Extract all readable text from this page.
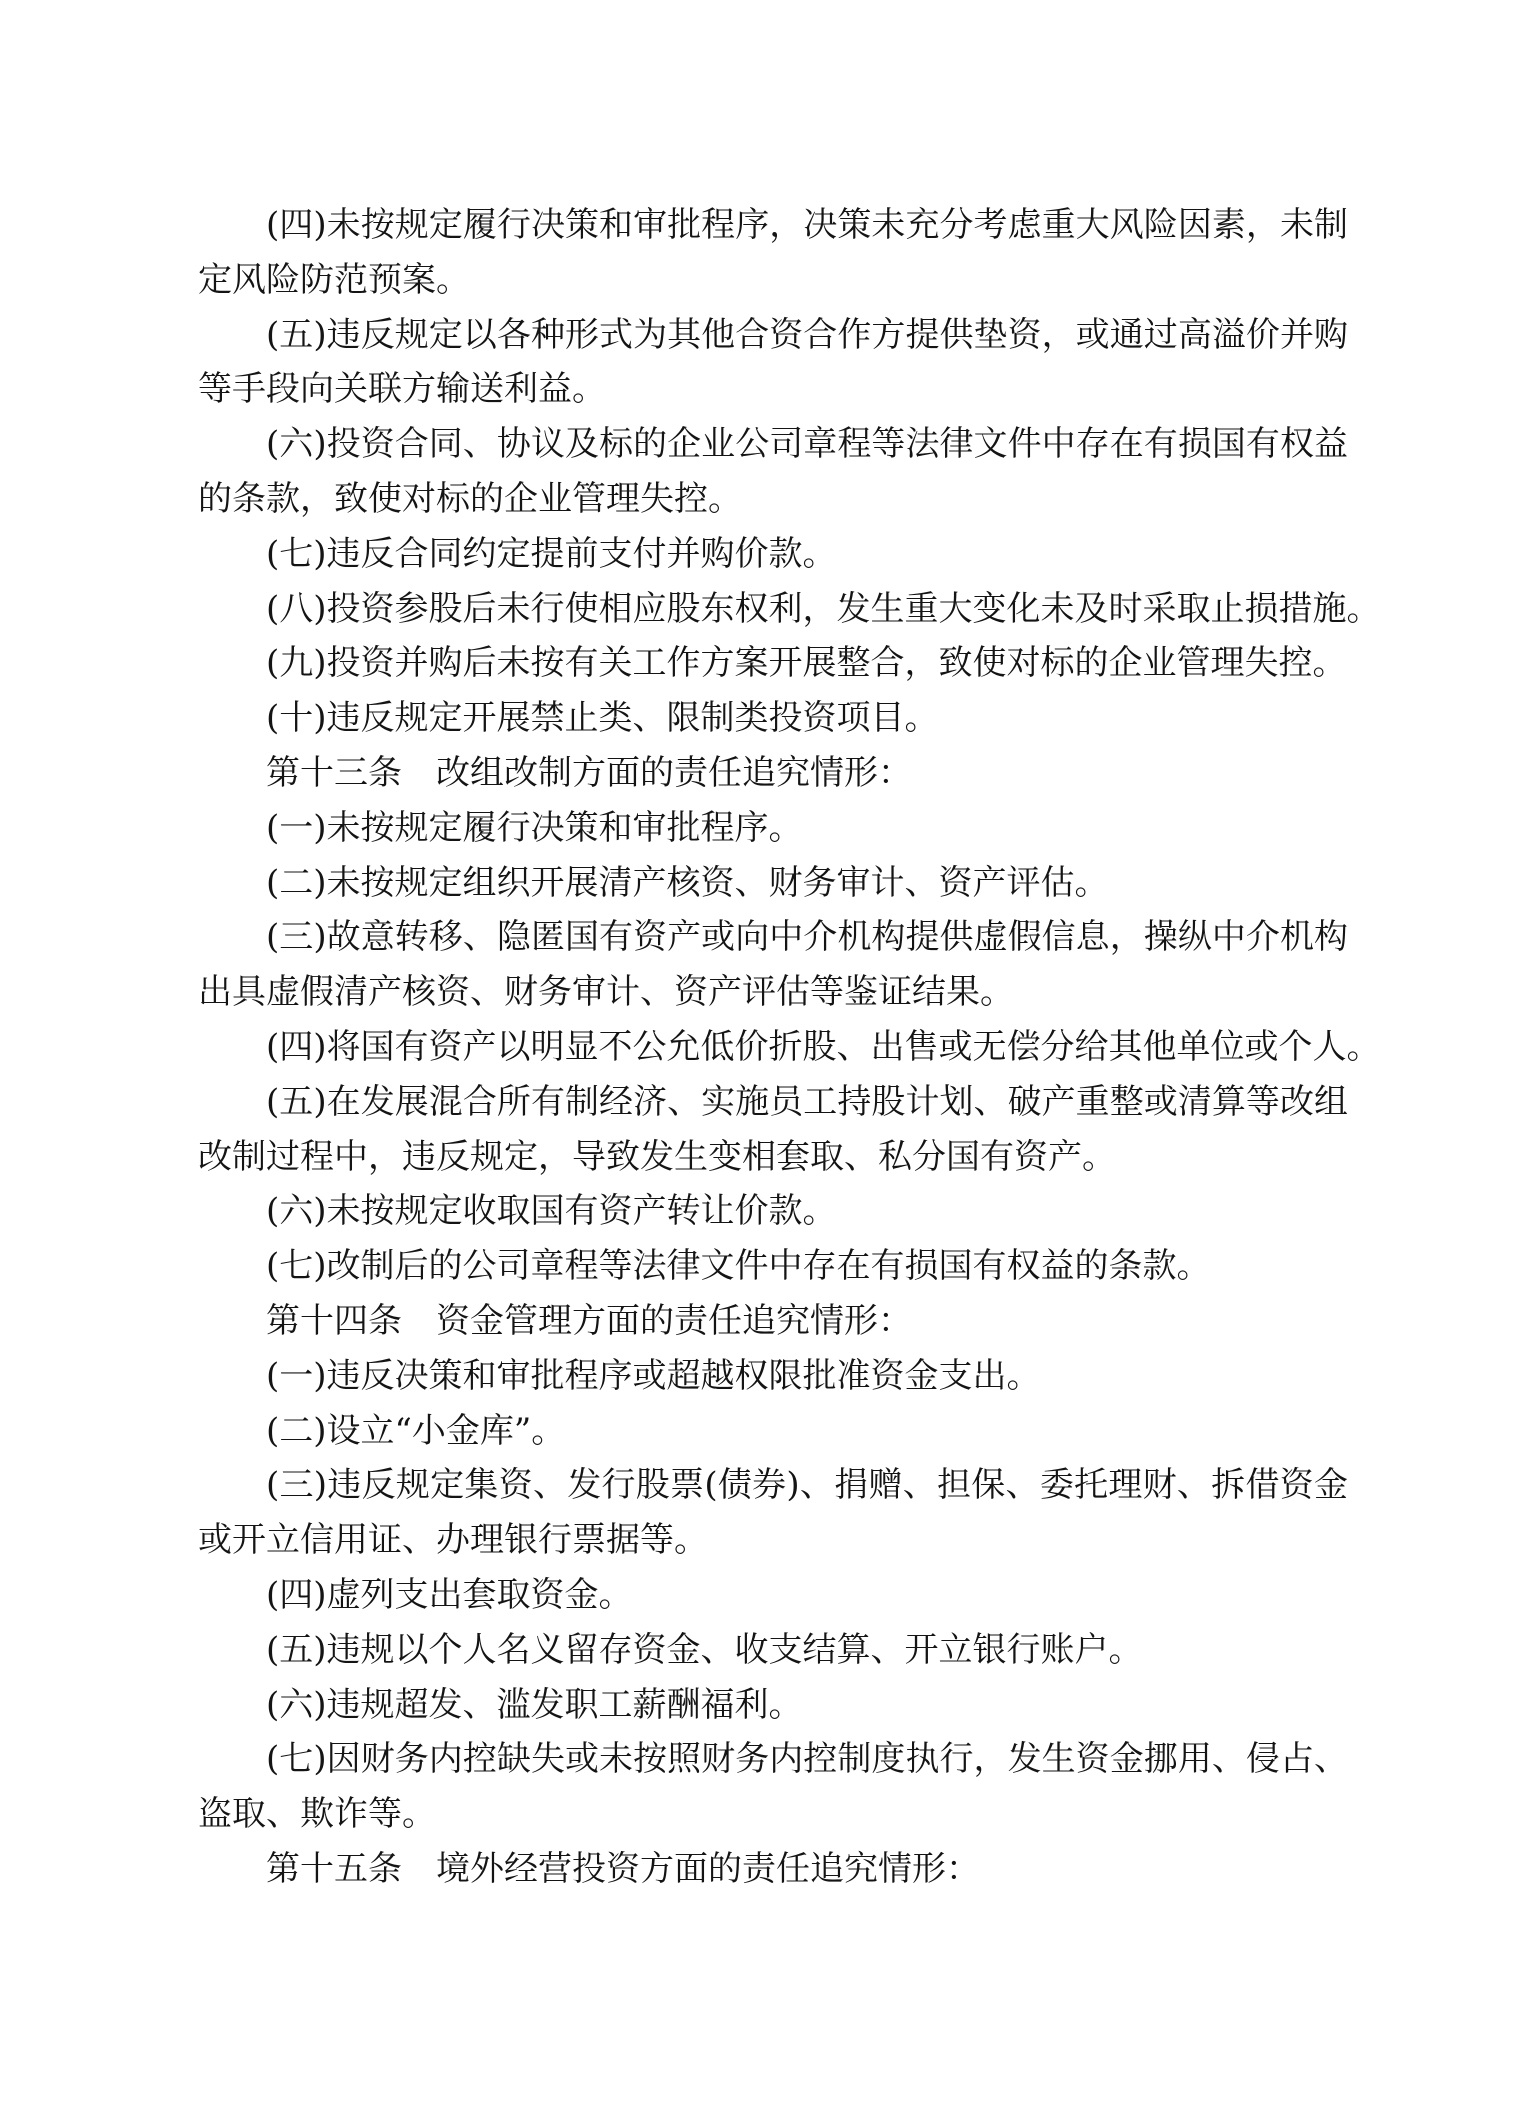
(四)未按规定履行决策和审批程序，决策未充分考虑重大风险因素，未制定风险防范预案。

(五)违反规定以各种形式为其他合资合作方提供垫资，或通过高溢价并购等手段向关联方输送利益。

(六)投资合同、协议及标的企业公司章程等法律文件中存在有损国有权益的条款，致使对标的企业管理失控。

(七)违反合同约定提前支付并购价款。

(八)投资参股后未行使相应股东权利，发生重大变化未及时采取止损措施。

(九)投资并购后未按有关工作方案开展整合，致使对标的企业管理失控。

(十)违反规定开展禁止类、限制类投资项目。

第十三条 改组改制方面的责任追究情形：

(一)未按规定履行决策和审批程序。

(二)未按规定组织开展清产核资、财务审计、资产评估。

(三)故意转移、隐匿国有资产或向中介机构提供虚假信息，操纵中介机构出具虚假清产核资、财务审计、资产评估等鉴证结果。

(四)将国有资产以明显不公允低价折股、出售或无偿分给其他单位或个人。

(五)在发展混合所有制经济、实施员工持股计划、破产重整或清算等改组改制过程中，违反规定，导致发生变相套取、私分国有资产。

(六)未按规定收取国有资产转让价款。

(七)改制后的公司章程等法律文件中存在有损国有权益的条款。

第十四条 资金管理方面的责任追究情形：

(一)违反决策和审批程序或超越权限批准资金支出。

(二)设立“小金库”。

(三)违反规定集资、发行股票(债券)、捐赠、担保、委托理财、拆借资金或开立信用证、办理银行票据等。

(四)虚列支出套取资金。

(五)违规以个人名义留存资金、收支结算、开立银行账户。

(六)违规超发、滥发职工薪酬福利。

(七)因财务内控缺失或未按照财务内控制度执行，发生资金挪用、侵占、盗取、欺诈等。

第十五条 境外经营投资方面的责任追究情形：
